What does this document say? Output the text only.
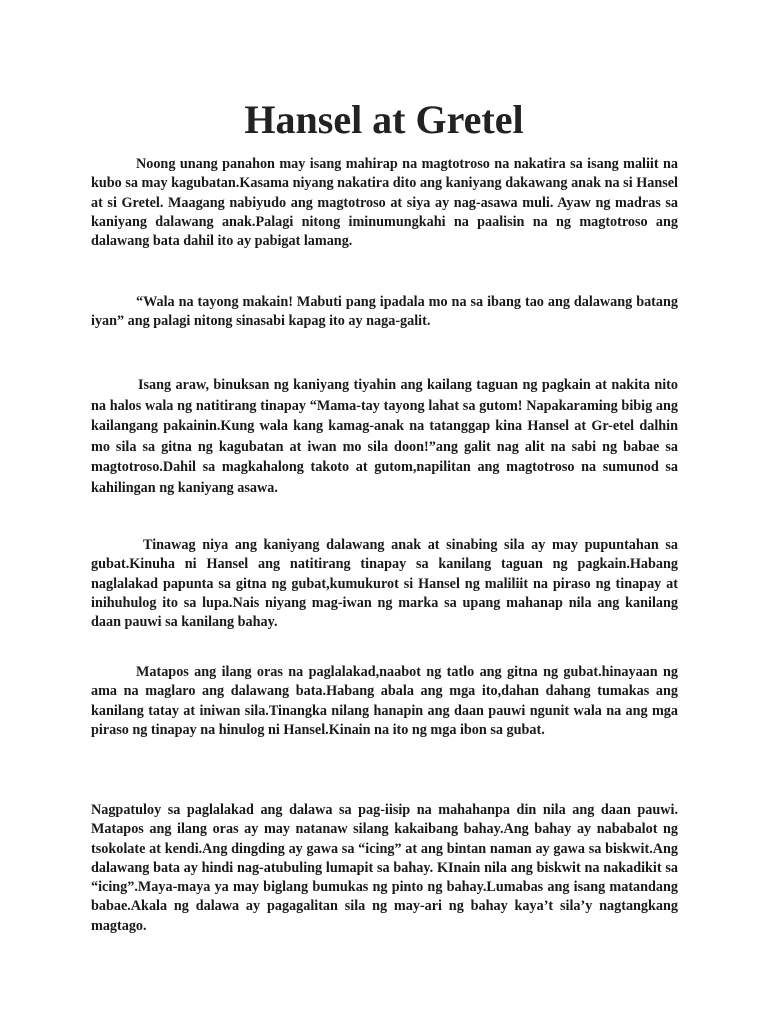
Hansel at Gretel

Noong unang panahon may isang mahirap na magtotroso na nakatira sa isang maliit na kubo sa may kagubatan.Kasama niyang nakatira dito ang kaniyang dakawang anak na si Hansel at si Gretel. Maagang nabiyudo ang magtotroso at siya ay nag-asawa muli. Ayaw ng madras sa kaniyang dalawang anak.Palagi nitong iminumungkahi na paalisin na ng magtotroso ang dalawang bata dahil ito ay pabigat lamang.

“Wala na tayong makain! Mabuti pang ipadala mo na sa ibang tao ang dalawang batang iyan” ang palagi nitong sinasabi kapag ito ay naga-galit.

Isang araw, binuksan ng kaniyang tiyahin ang kailang taguan ng pagkain at nakita nito na halos wala ng natitirang tinapay “Mama-tay tayong lahat sa gutom! Napakaraming bibig ang kailangang pakainin.Kung wala kang kamag-anak na tatanggap kina Hansel at Gr-etel dalhin mo sila sa gitna ng kagubatan at iwan mo sila doon!”ang galit nag alit na sabi ng babae sa magtotroso.Dahil sa magkahalong takoto at gutom,napilitan ang magtotroso na sumunod sa kahilingan ng kaniyang asawa.

Tinawag niya ang kaniyang dalawang anak at sinabing sila ay may pupuntahan sa gubat.Kinuha ni Hansel ang natitirang tinapay sa kanilang taguan ng pagkain.Habang naglalakad papunta sa gitna ng gubat,kumukurot si Hansel ng maliliit na piraso ng tinapay at inihuhulog ito sa lupa.Nais niyang mag-iwan ng marka sa upang mahanap nila ang kanilang daan pauwi sa kanilang bahay.

Matapos ang ilang oras na paglalakad,naabot ng tatlo ang gitna ng gubat.hinayaan ng ama na maglaro ang dalawang bata.Habang abala ang mga ito,dahan dahang tumakas ang kanilang tatay at iniwan sila.Tinangka nilang hanapin ang daan pauwi ngunit wala na ang mga piraso ng tinapay na hinulog ni Hansel.Kinain na ito ng mga ibon sa gubat.

Nagpatuloy sa paglalakad ang dalawa sa pag-iisip na mahahanpa din nila ang daan pauwi. Matapos ang ilang oras ay may natanaw silang kakaibang bahay.Ang bahay ay nababalot ng tsokolate at kendi.Ang dingding ay gawa sa “icing” at ang bintan naman ay gawa sa biskwit.Ang dalawang bata ay hindi nag-atubuling lumapit sa bahay. KInain nila ang biskwit na nakadikit sa “icing”.Maya-maya ya may biglang bumukas ng pinto ng bahay.Lumabas ang isang matandang babae.Akala ng dalawa ay pagagalitan sila ng may-ari ng bahay kaya’t sila’y nagtangkang magtago.
